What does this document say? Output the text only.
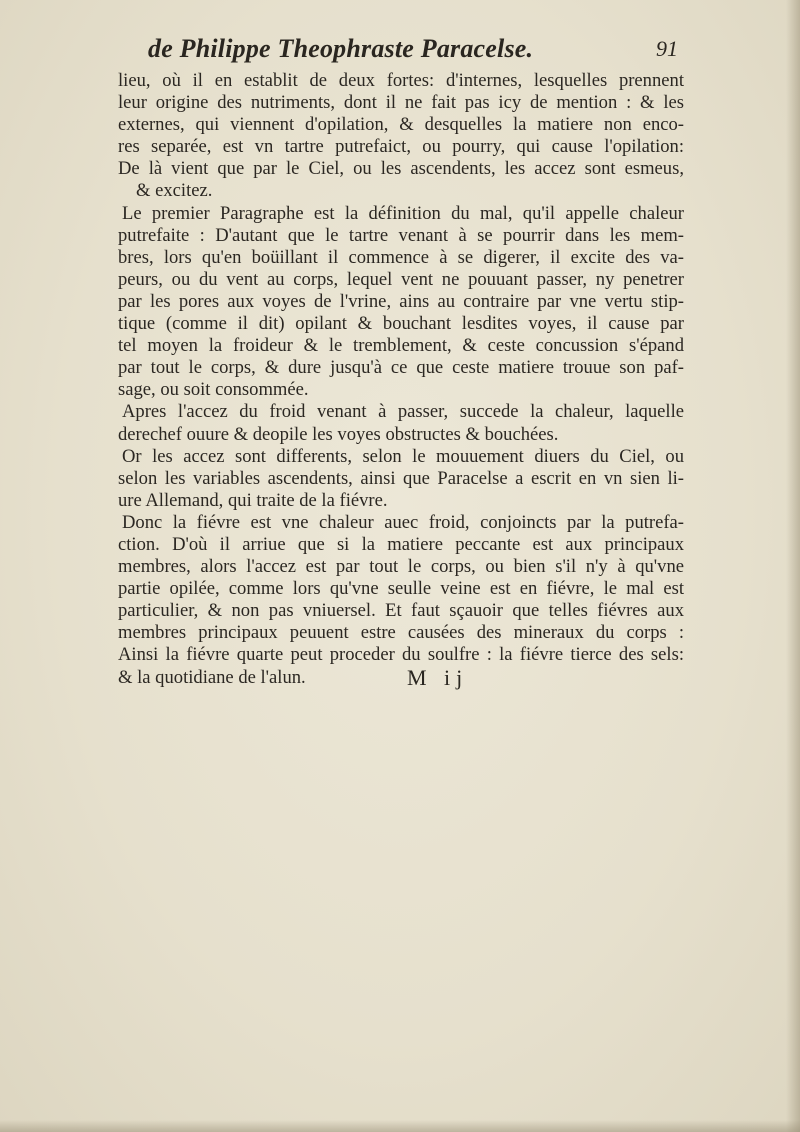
de Philippe Theophraste Paracelse.	91
lieu, où il en establit de deux fortes: d'internes, lesquelles prennent
leur origine des nutriments, dont il ne fait pas icy de mention : & les
externes, qui viennent d'opilation, & desquelles la matiere non enco-
res separée, est vn tartre putrefaict, ou pourry, qui cause l'opilation:
De là vient que par le Ciel, ou les ascendents, les accez sont esmeus,
& excitez.
Le premier Paragraphe est la définition du mal, qu'il appelle chaleur
putrefaite : D'autant que le tartre venant à se pourrir dans les mem-
bres, lors qu'en boüillant il commence à se digerer, il excite des va-
peurs, ou du vent au corps, lequel vent ne pouuant passer, ny penetrer
par les pores aux voyes de l'vrine, ains au contraire par vne vertu stip-
tique (comme il dit) opilant & bouchant lesdites voyes, il cause par
tel moyen la froideur & le tremblement, & ceste concussion s'épand
par tout le corps, & dure jusqu'à ce que ceste matiere trouue son paf-
sage, ou soit consommée.
Apres l'accez du froid venant à passer, succede la chaleur, laquelle
derechef ouure & deopile les voyes obstructes & bouchées.
Or les accez sont differents, selon le mouuement diuers du Ciel, ou
selon les variables ascendents, ainsi que Paracelse a escrit en vn sien li-
ure Allemand, qui traite de la fiévre.
Donc la fiévre est vne chaleur auec froid, conjoincts par la putrefa-
ction. D'où il arriue que si la matiere peccante est aux principaux
membres, alors l'accez est par tout le corps, ou bien s'il n'y à qu'vne
partie opilée, comme lors qu'vne seulle veine est en fiévre, le mal est
particulier, & non pas vniuersel. Et faut sçauoir que telles fiévres aux
membres principaux peuuent estre causées des mineraux du corps :
Ainsi la fiévre quarte peut proceder du soulfre : la fiévre tierce des sels:
& la quotidiane de l'alun.	M ij
